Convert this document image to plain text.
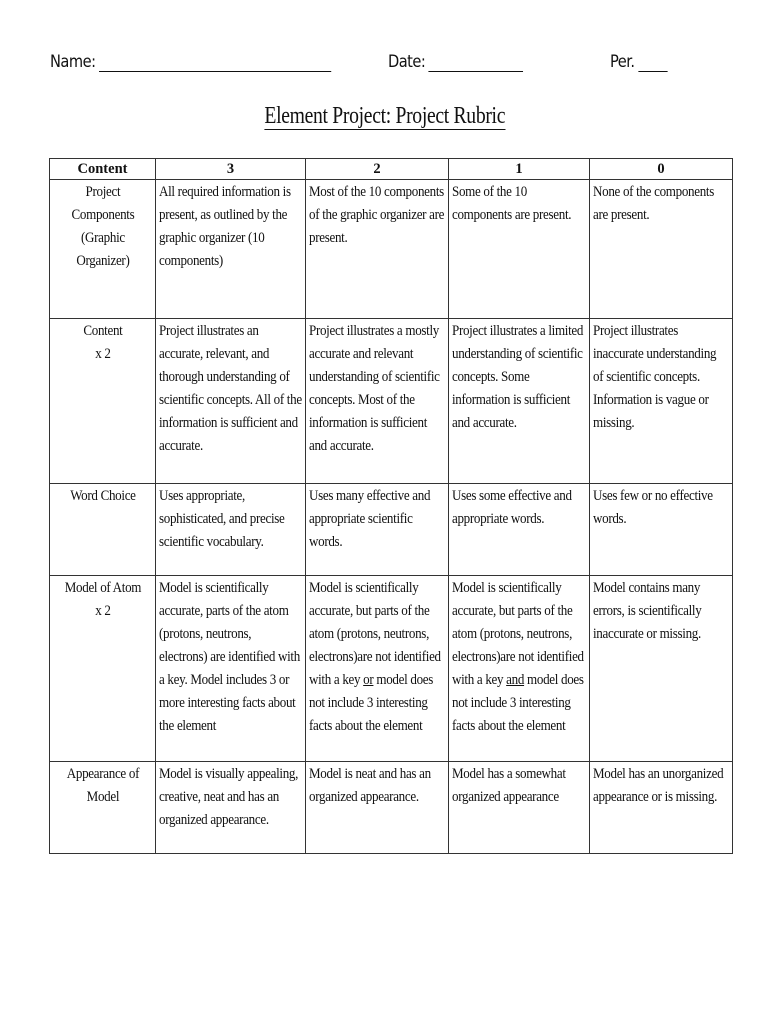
Name:	Date:	Per.
Element Project: Project Rubric
Content	3	2	1	0

Project
Components
(Graphic
Organizer)	All required information is present, as outlined by the graphic organizer (10 components)	Most of the 10 components of the graphic organizer are present.	Some of the 10 components are present.	None of the components are present.

Content
x 2	Project illustrates an accurate, relevant, and thorough understanding of scientific concepts. All of the information is sufficient and accurate.	Project illustrates a mostly accurate and relevant understanding of scientific concepts. Most of the information is sufficient and accurate.	Project illustrates a limited understanding of scientific concepts. Some information is sufficient and accurate.	Project illustrates inaccurate understanding of scientific concepts. Information is vague or missing.

Word Choice	Uses appropriate, sophisticated, and precise scientific vocabulary.	Uses many effective and appropriate scientific words.	Uses some effective and appropriate words.	Uses few or no effective words.

Model of Atom
x 2	Model is scientifically accurate, parts of the atom (protons, neutrons, electrons) are identified with a key. Model includes 3 or more interesting facts about the element	Model is scientifically accurate, but parts of the atom (protons, neutrons, electrons)are not identified with a key or model does not include 3 interesting facts about the element	Model is scientifically accurate, but parts of the atom (protons, neutrons, electrons)are not identified with a key and model does not include 3 interesting facts about the element	Model contains many errors, is scientifically inaccurate or missing.

Appearance of
Model	Model is visually appealing, creative, neat and has an organized appearance.	Model is neat and has an organized appearance.	Model has a somewhat organized appearance	Model has an unorganized appearance or is missing.
